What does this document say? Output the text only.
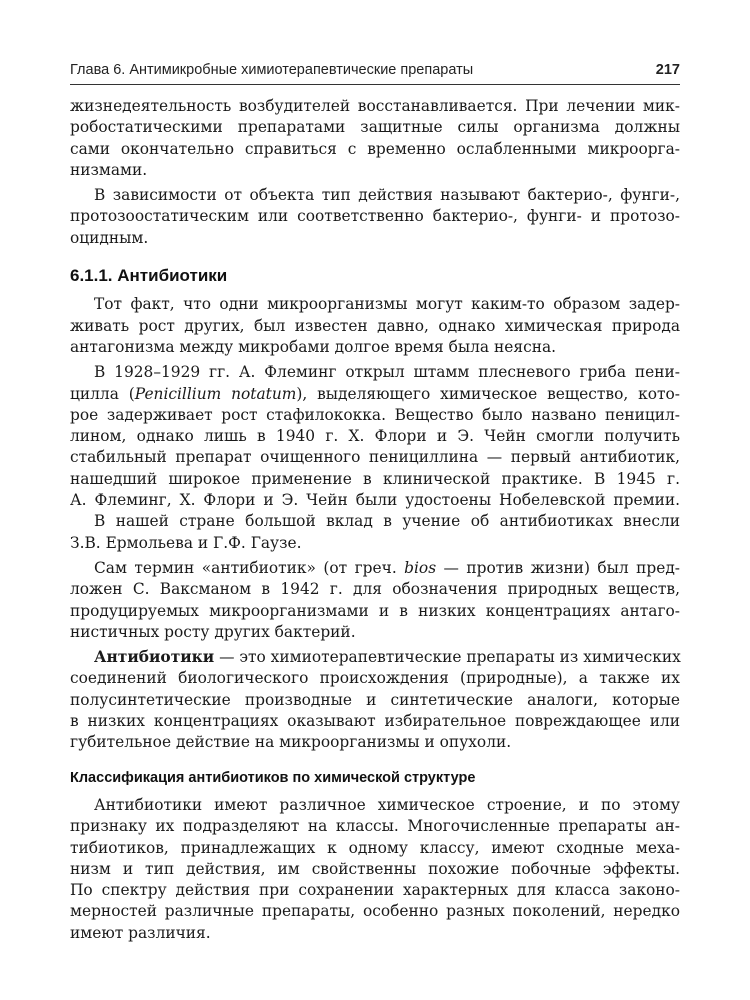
Глава 6. Антимикробные химиотерапевтические препараты	217
жизнедеятельность возбудителей восстанавливается. При лечении мик-
робостатическими препаратами защитные силы организма должны
сами окончательно справиться с временно ослабленными микроорга-
низмами.
В зависимости от объекта тип действия называют бактерио-, фунги-,
протозоостатическим или соответственно бактерио-, фунги- и протозо-
оцидным.
6.1.1. Антибиотики
Тот факт, что одни микроорганизмы могут каким-то образом задер-
живать рост других, был известен давно, однако химическая природа
антагонизма между микробами долгое время была неясна.
В 1928–1929 гг. А. Флеминг открыл штамм плесневого гриба пени-
цилла (Penicillium notatum), выделяющего химическое вещество, кото-
рое задерживает рост стафилококка. Вещество было названо пеницил-
лином, однако лишь в 1940 г. Х. Флори и Э. Чейн смогли получить
стабильный препарат очищенного пенициллина — первый антибиотик,
нашедший широкое применение в клинической практике. В 1945 г.
А. Флеминг, Х. Флори и Э. Чейн были удостоены Нобелевской премии.
В нашей стране большой вклад в учение об антибиотиках внесли
З.В. Ермольева и Г.Ф. Гаузе.
Сам термин «антибиотик» (от греч. bios — против жизни) был пред-
ложен С. Ваксманом в 1942 г. для обозначения природных веществ,
продуцируемых микроорганизмами и в низких концентрациях антаго-
нистичных росту других бактерий.
Антибиотики — это химиотерапевтические препараты из химических
соединений биологического происхождения (природные), а также их
полусинтетические производные и синтетические аналоги, которые
в низких концентрациях оказывают избирательное повреждающее или
губительное действие на микроорганизмы и опухоли.
Классификация антибиотиков по химической структуре
Антибиотики имеют различное химическое строение, и по этому
признаку их подразделяют на классы. Многочисленные препараты ан-
тибиотиков, принадлежащих к одному классу, имеют сходные меха-
низм и тип действия, им свойственны похожие побочные эффекты.
По спектру действия при сохранении характерных для класса законо-
мерностей различные препараты, особенно разных поколений, нередко
имеют различия.
